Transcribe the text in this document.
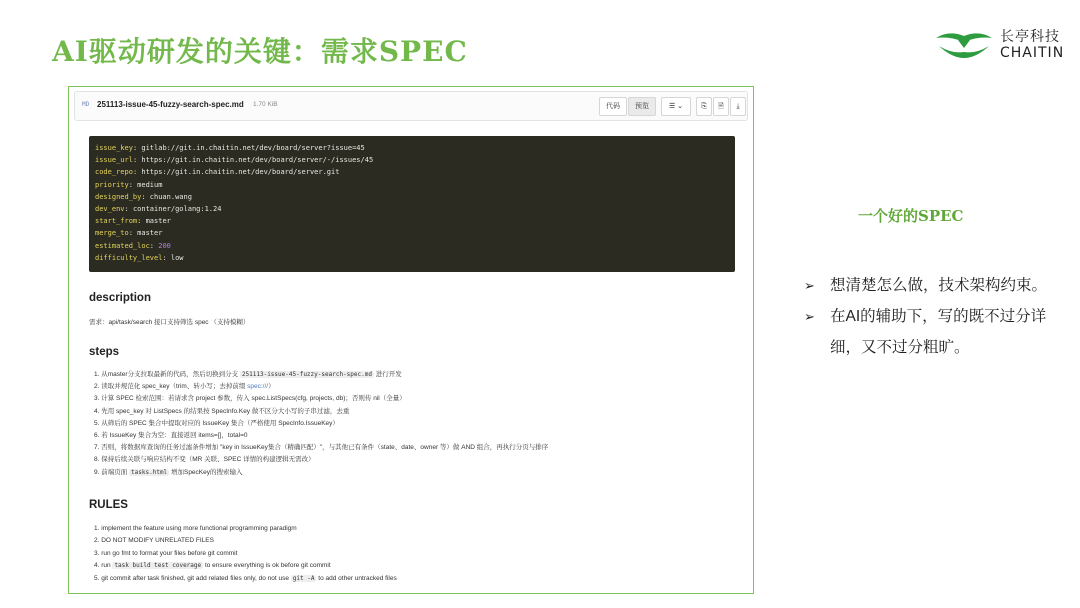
AI驱动研发的关键：需求SPEC	长亭科技
CHAITIN
MD 251113-issue-45-fuzzy-search-spec.md 1.70 KiB	代码	预览	☰ ⌄	⎘	🗎	⤓
issue_key: gitlab://git.in.chaitin.net/dev/board/server?issue=45
issue_url: https://git.in.chaitin.net/dev/board/server/-/issues/45
code_repo: https://git.in.chaitin.net/dev/board/server.git
priority: medium
designed_by: chuan.wang
dev_env: container/golang:1.24
start_from: master
merge_to: master
estimated_loc: 200
difficulty_level: low
description
需求：api/task/search 接口支持筛选 spec （支持模糊）
steps
1. 从master分支拉取最新的代码，然后切换到分支 251113-issue-45-fuzzy-search-spec.md 进行开发
2. 读取并规范化 spec_key（trim、转小写；去掉前缀 spec:///）
3. 计算 SPEC 检索范围：若请求含 project 参数，传入 spec.ListSpecs(cfg, projects, db)；否则传 nil（全量）
4. 先用 spec_key 对 ListSpecs 的结果按 SpecInfo.Key 做不区分大小写的子串过滤，去重
5. 从筛后的 SPEC 集合中提取对应的 IssueKey 集合（严格使用 SpecInfo.IssueKey）
6. 若 IssueKey 集合为空：直接返回 items=[]，total=0
7. 否则，将数据库查询的任务过滤条件增加 "key in IssueKey集合（精确匹配）"，与其他已有条件（state、date、owner 等）做 AND 组合，再执行分页与排序
8. 保持后续关联与响应结构不变（MR 关联、SPEC 详情的构建逻辑无需改）
9. 前端页面 tasks.html 增加SpecKey的搜索输入
RULES
1. implement the feature using more functional programming paradigm
2. DO NOT MODIFY UNRELATED FILES
3. run go fmt to format your files before git commit
4. run task build test coverage to ensure everything is ok before git commit
5. git commit after task finished, git add related files only, do not use git -A to add other untracked files
一个好的SPEC
➢ 想清楚怎么做，技术架构约束。
➢ 在AI的辅助下，写的既不过分详细，又不过分粗旷。
